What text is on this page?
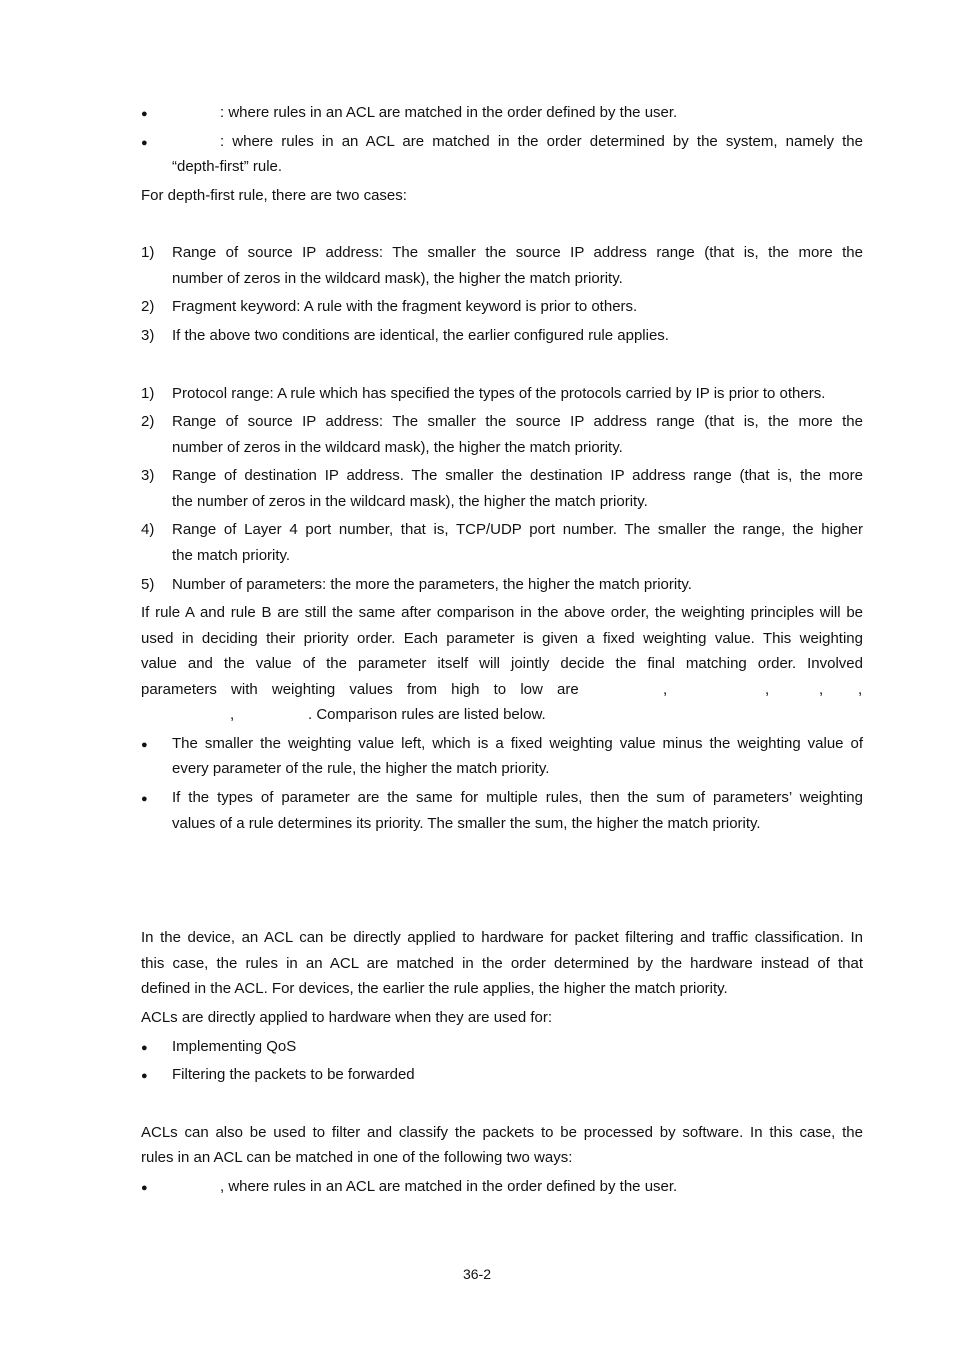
●	: where rules in an ACL are matched in the order defined by the user.
●	: where rules in an ACL are matched in the order determined by the system, namely the
“depth-first” rule.
For depth-first rule, there are two cases:
1) Range of source IP address: The smaller the source IP address range (that is, the more the
number of zeros in the wildcard mask), the higher the match priority.
2) Fragment keyword: A rule with the fragment keyword is prior to others.
3) If the above two conditions are identical, the earlier configured rule applies.
1) Protocol range: A rule which has specified the types of the protocols carried by IP is prior to others.
2) Range of source IP address: The smaller the source IP address range (that is, the more the
number of zeros in the wildcard mask), the higher the match priority.
3) Range of destination IP address. The smaller the destination IP address range (that is, the more
the number of zeros in the wildcard mask), the higher the match priority.
4) Range of Layer 4 port number, that is, TCP/UDP port number. The smaller the range, the higher
the match priority.
5) Number of parameters: the more the parameters, the higher the match priority.
If rule A and rule B are still the same after comparison in the above order, the weighting principles will be
used in deciding their priority order. Each parameter is given a fixed weighting value. This weighting
value and the value of the parameter itself will jointly decide the final matching order. Involved
parameters with weighting values from high to low are	,	,	, ,
,	. Comparison rules are listed below.
● The smaller the weighting value left, which is a fixed weighting value minus the weighting value of
every parameter of the rule, the higher the match priority.
● If the types of parameter are the same for multiple rules, then the sum of parameters’ weighting
values of a rule determines its priority. The smaller the sum, the higher the match priority.
In the device, an ACL can be directly applied to hardware for packet filtering and traffic classification. In
this case, the rules in an ACL are matched in the order determined by the hardware instead of that
defined in the ACL. For devices, the earlier the rule applies, the higher the match priority.
ACLs are directly applied to hardware when they are used for:
● Implementing QoS
● Filtering the packets to be forwarded
ACLs can also be used to filter and classify the packets to be processed by software. In this case, the
rules in an ACL can be matched in one of the following two ways:
●	, where rules in an ACL are matched in the order defined by the user.
36-2
